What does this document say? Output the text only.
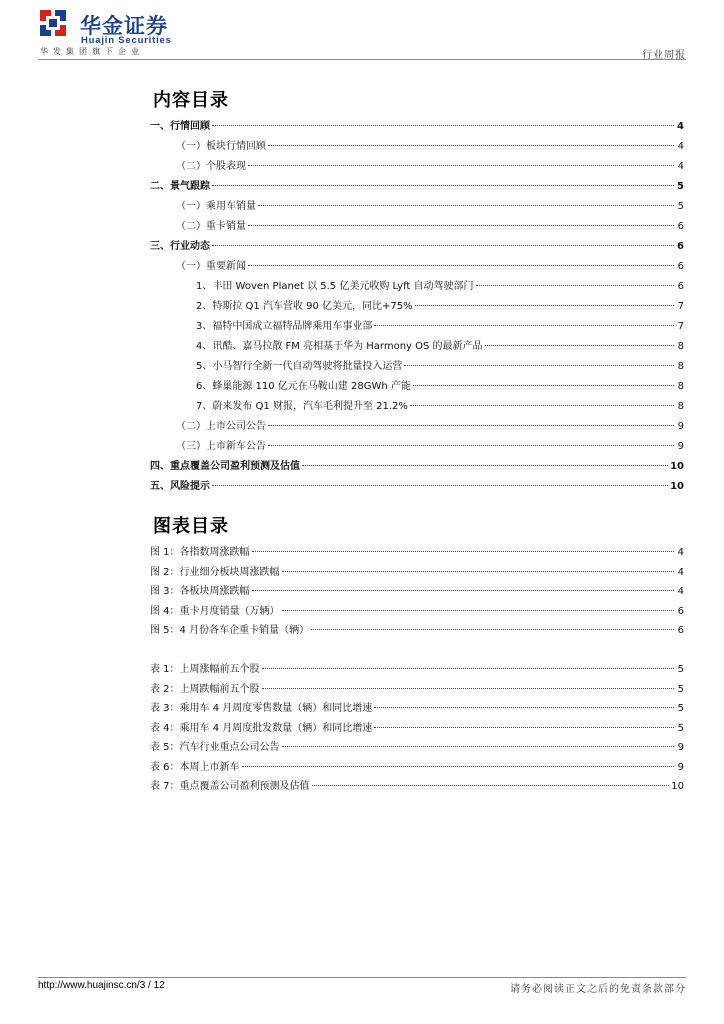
华金证券
Huajin Securities
华发集团旗下企业	行业周报
内容目录
一、行情回顾	4
（一）板块行情回顾	4
（二）个股表现	4
二、景气跟踪	5
（一）乘用车销量	5
（二）重卡销量	6
三、行业动态	6
（一）重要新闻	6
1、丰田 Woven Planet 以 5.5 亿美元收购 Lyft 自动驾驶部门	6
2、特斯拉 Q1 汽车营收 90 亿美元，同比+75%	7
3、福特中国成立福特品牌乘用车事业部	7
4、讯酷、嘉马拉散 FM 亮相基于华为 Harmony OS 的最新产品	8
5、小马智行全新一代自动驾驶将批量投入运营	8
6、蜂巢能源 110 亿元在马鞍山建 28GWh 产能	8
7、蔚来发布 Q1 财报，汽车毛利提升至 21.2%	8
（二）上市公司公告	9
（三）上市新车公告	9
四、重点覆盖公司盈利预测及估值	10
五、风险提示	10
图表目录
图 1：各指数周涨跌幅	4
图 2：行业细分板块周涨跌幅	4
图 3：各板块周涨跌幅	4
图 4：重卡月度销量（万辆）	6
图 5：4 月份各车企重卡销量（辆）	6
表 1：上周涨幅前五个股	5
表 2：上周跌幅前五个股	5
表 3：乘用车 4 月周度零售数量（辆）和同比增速	5
表 4：乘用车 4 月周度批发数量（辆）和同比增速	5
表 5：汽车行业重点公司公告	9
表 6：本周上市新车	9
表 7：重点覆盖公司盈利预测及估值	10
http://www.huajinsc.cn/3 / 12	请务必阅读正文之后的免责条款部分
